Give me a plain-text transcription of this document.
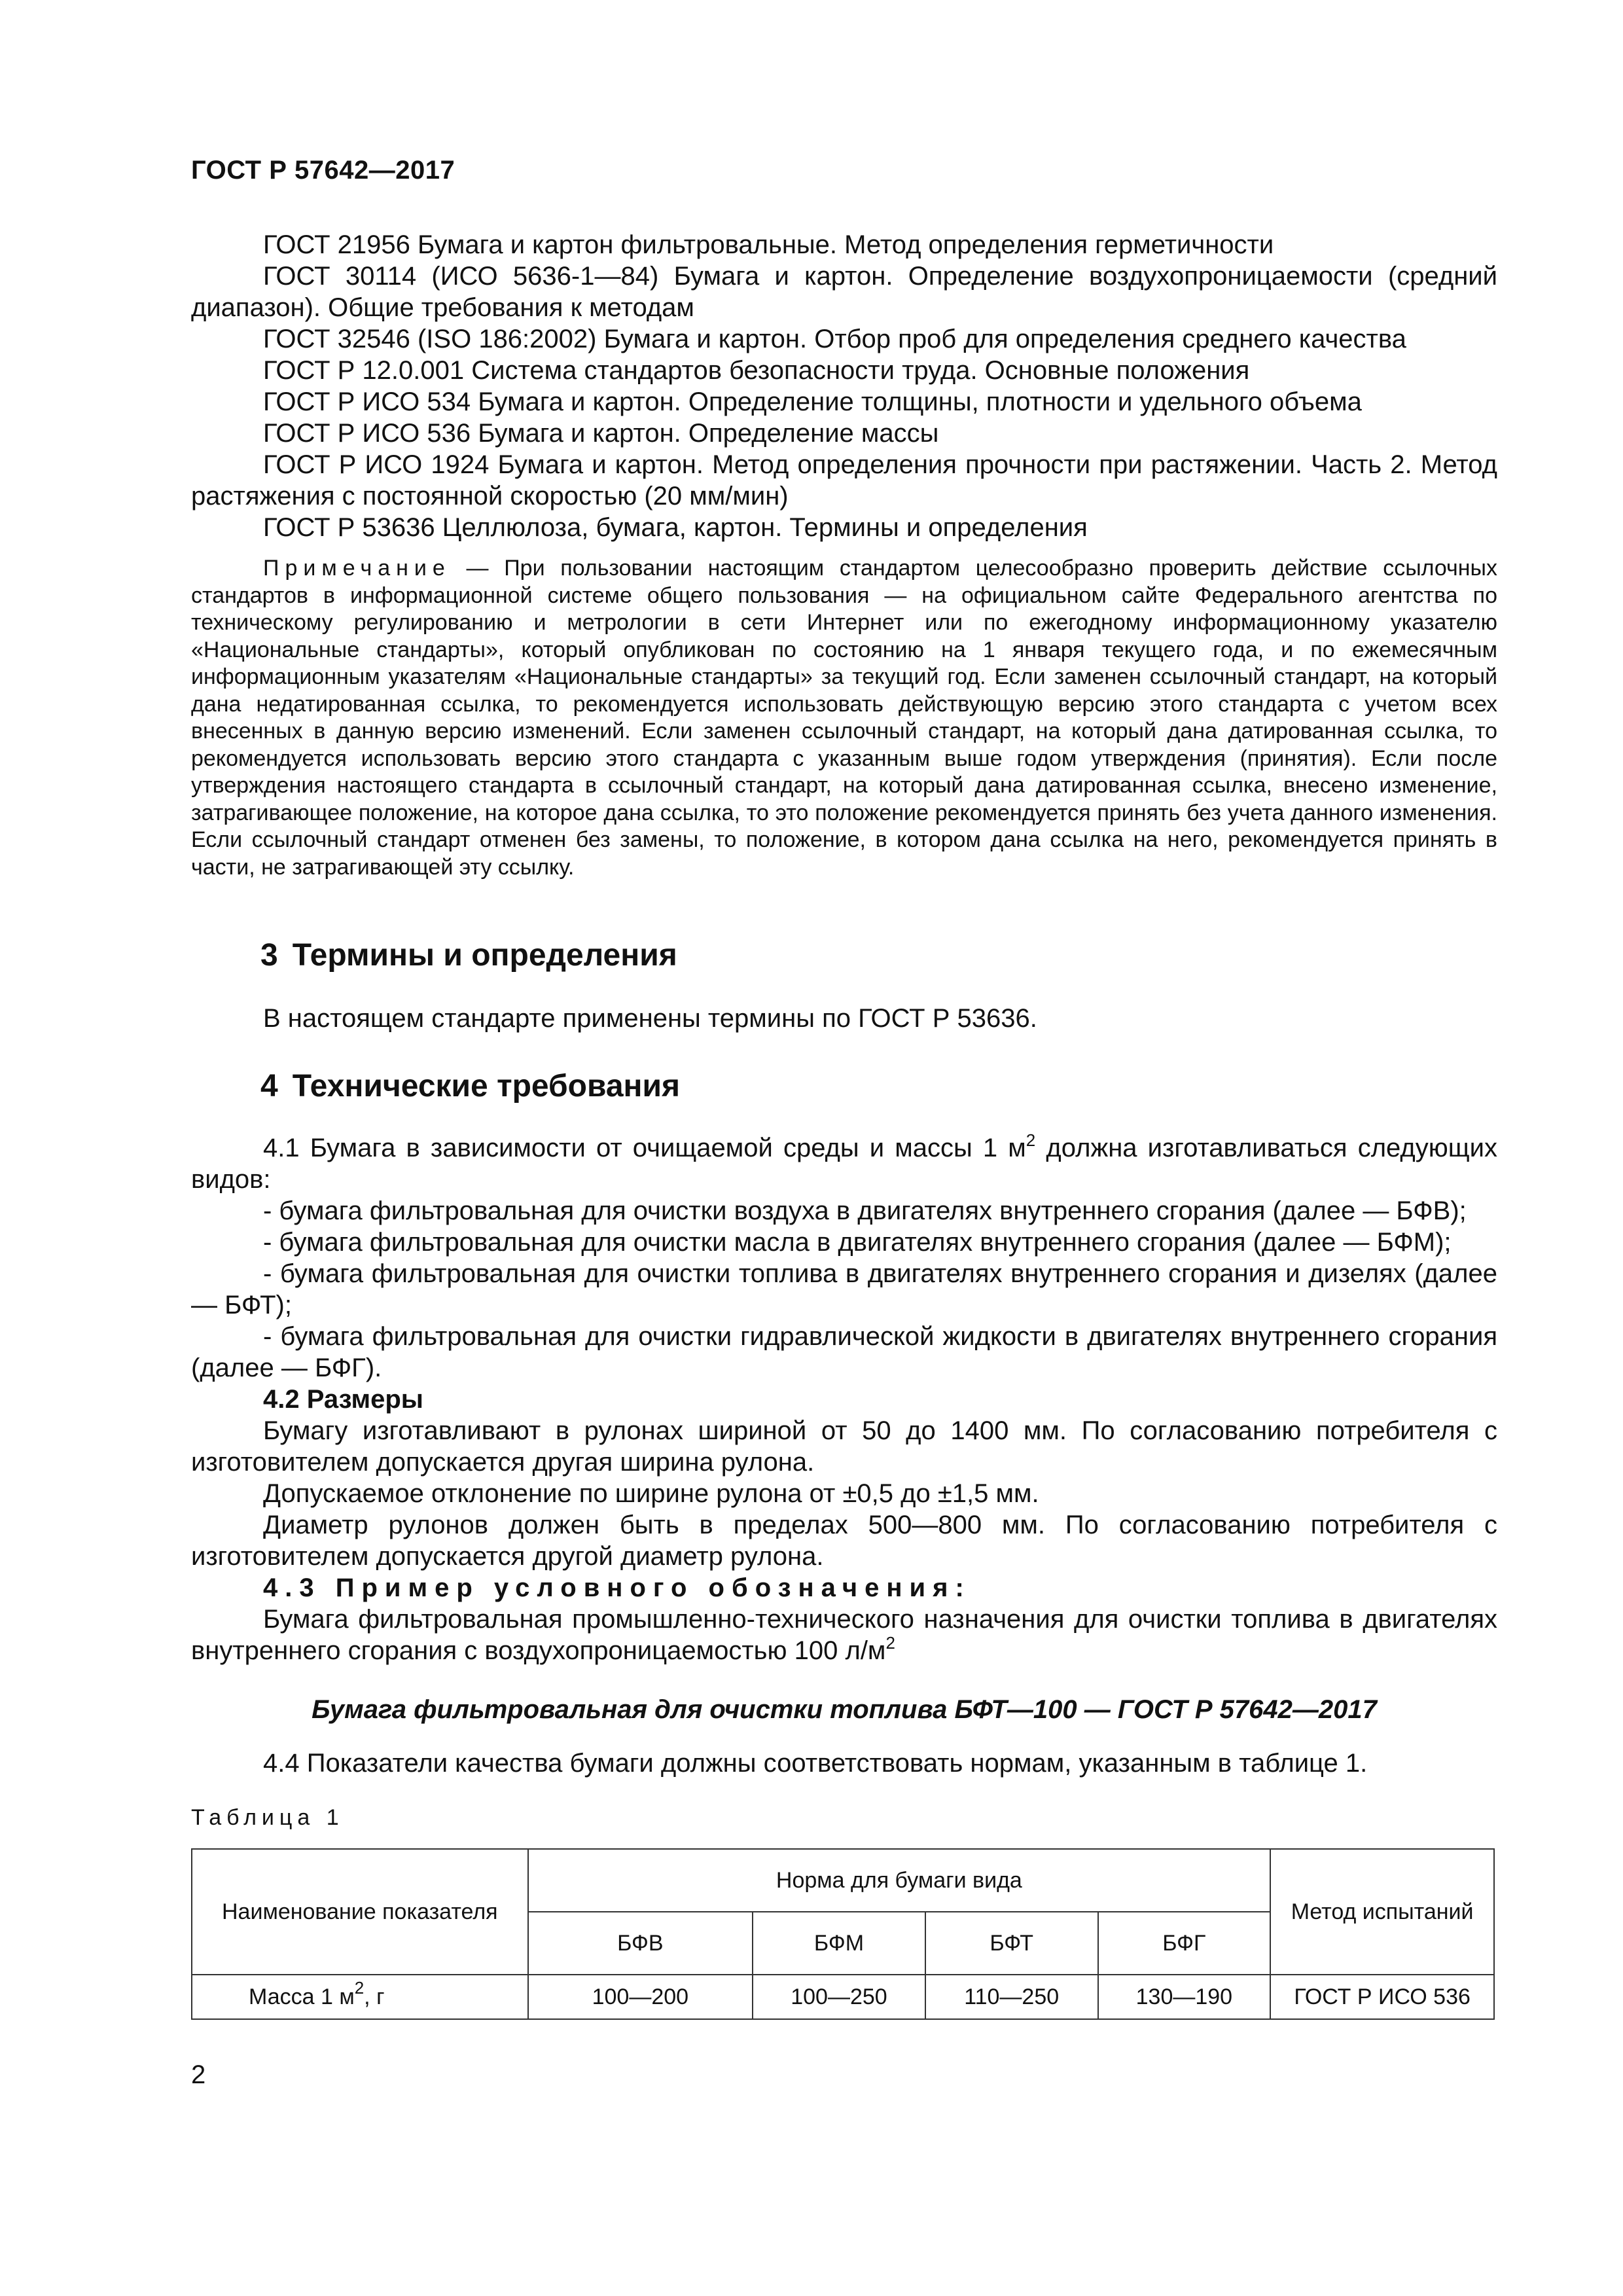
ГОСТ Р 57642—2017

ГОСТ 21956 Бумага и картон фильтровальные. Метод определения герметичности

ГОСТ 30114 (ИСО 5636-1—84) Бумага и картон. Определение воздухопроницаемости (средний диапазон). Общие требования к методам

ГОСТ 32546 (ISO 186:2002) Бумага и картон. Отбор проб для определения среднего качества

ГОСТ Р 12.0.001 Система стандартов безопасности труда. Основные положения

ГОСТ Р ИСО 534 Бумага и картон. Определение толщины, плотности и удельного объема

ГОСТ Р ИСО 536 Бумага и картон. Определение массы

ГОСТ Р ИСО 1924 Бумага и картон. Метод определения прочности при растяжении. Часть 2. Метод растяжения с постоянной скоростью (20 мм/мин)

ГОСТ Р 53636 Целлюлоза, бумага, картон. Термины и определения

Примечание — При пользовании настоящим стандартом целесообразно проверить действие ссылочных стандартов в информационной системе общего пользования — на официальном сайте Федерального агентства по техническому регулированию и метрологии в сети Интернет или по ежегодному информационному указателю «Национальные стандарты», который опубликован по состоянию на 1 января текущего года, и по ежемесячным информационным указателям «Национальные стандарты» за текущий год. Если заменен ссылочный стандарт, на который дана недатированная ссылка, то рекомендуется использовать действующую версию этого стандарта с учетом всех внесенных в данную версию изменений. Если заменен ссылочный стандарт, на который дана датированная ссылка, то рекомендуется использовать версию этого стандарта с указанным выше годом утверждения (принятия). Если после утверждения настоящего стандарта в ссылочный стандарт, на который дана датированная ссылка, внесено изменение, затрагивающее положение, на которое дана ссылка, то это положение рекомендуется принять без учета данного изменения. Если ссылочный стандарт отменен без замены, то положение, в котором дана ссылка на него, рекомендуется принять в части, не затрагивающей эту ссылку.

3 Термины и определения

В настоящем стандарте применены термины по ГОСТ Р 53636.

4 Технические требования

4.1 Бумага в зависимости от очищаемой среды и массы 1 $м^2$ должна изготавливаться следующих видов:

- бумага фильтровальная для очистки воздуха в двигателях внутреннего сгорания (далее — БФВ);

- бумага фильтровальная для очистки масла в двигателях внутреннего сгорания (далее — БФМ);

- бумага фильтровальная для очистки топлива в двигателях внутреннего сгорания и дизелях (далее — БФТ);

- бумага фильтровальная для очистки гидравлической жидкости в двигателях внутреннего сгорания (далее — БФГ).

4.2 Размеры

Бумагу изготавливают в рулонах шириной от 50 до 1400 мм. По согласованию потребителя с изготовителем допускается другая ширина рулона.

Допускаемое отклонение по ширине рулона от ±0,5 до ±1,5 мм.

Диаметр рулонов должен быть в пределах 500—800 мм. По согласованию потребителя с изготовителем допускается другой диаметр рулона.

4.3 Пример условного обозначения:

Бумага фильтровальная промышленно-технического назначения для очистки топлива в двигателях внутреннего сгорания с воздухопроницаемостью 100 $л/м^2$

Бумага фильтровальная для очистки топлива БФТ—100 — ГОСТ Р 57642—2017

4.4 Показатели качества бумаги должны соответствовать нормам, указанным в таблице 1.

Таблица 1
Наименование показателя	Норма для бумаги вида				Метод испытаний
	БФВ	БФМ	БФТ	БФГ	
Масса 1 $м^2$, г	100—200	100—250	110—250	130—190	ГОСТ Р ИСО 536
2
